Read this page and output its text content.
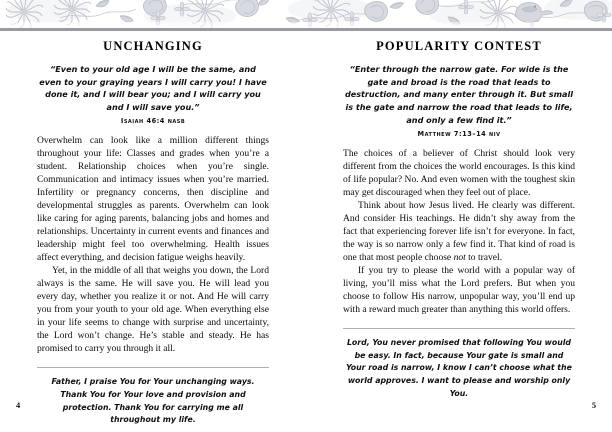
UNCHANGING
“Even to your old age I will be the same, and even to your graying years I will carry you! I have done it, and I will bear you; and I will carry you and I will save you.”
Isaiah 46:4 nasb

Overwhelm can look like a million different things throughout your life: Classes and grades when you’re a student. Relationship choices when you’re single. Communication and intimacy issues when you’re married. Infertility or pregnancy concerns, then discipline and developmental struggles as parents. Overwhelm can look like caring for aging parents, balancing jobs and homes and relationships. Uncertainty in current events and finances and leadership might feel too overwhelming. Health issues affect everything, and decision fatigue weighs heavily.

Yet, in the middle of all that weighs you down, the Lord always is the same. He will save you. He will lead you every day, whether you realize it or not. And He will carry you from your youth to your old age. When everything else in your life seems to change with surprise and uncertainty, the Lord won’t change. He’s stable and steady. He has promised to carry you through it all.

Father, I praise You for Your unchanging ways. Thank You for Your love and provision and protection. Thank You for carrying me all throughout my life.

4
POPULARITY CONTEST
“Enter through the narrow gate. For wide is the gate and broad is the road that leads to destruction, and many enter through it. But small is the gate and narrow the road that leads to life, and only a few find it.”
Matthew 7:13–14 niv

The choices of a believer of Christ should look very different from the choices the world encourages. Is this kind of life popular? No. And even women with the toughest skin may get discouraged when they feel out of place.

Think about how Jesus lived. He clearly was different. And consider His teachings. He didn’t shy away from the fact that experiencing forever life isn’t for everyone. In fact, the way is so narrow only a few find it. That kind of road is one that most people choose not to travel.

If you try to please the world with a popular way of living, you’ll miss what the Lord prefers. But when you choose to follow His narrow, unpopular way, you’ll end up with a reward much greater than anything this world offers.

Lord, You never promised that following You would be easy. In fact, because Your gate is small and Your road is narrow, I know I can’t choose what the world approves. I want to please and worship only You.

5
